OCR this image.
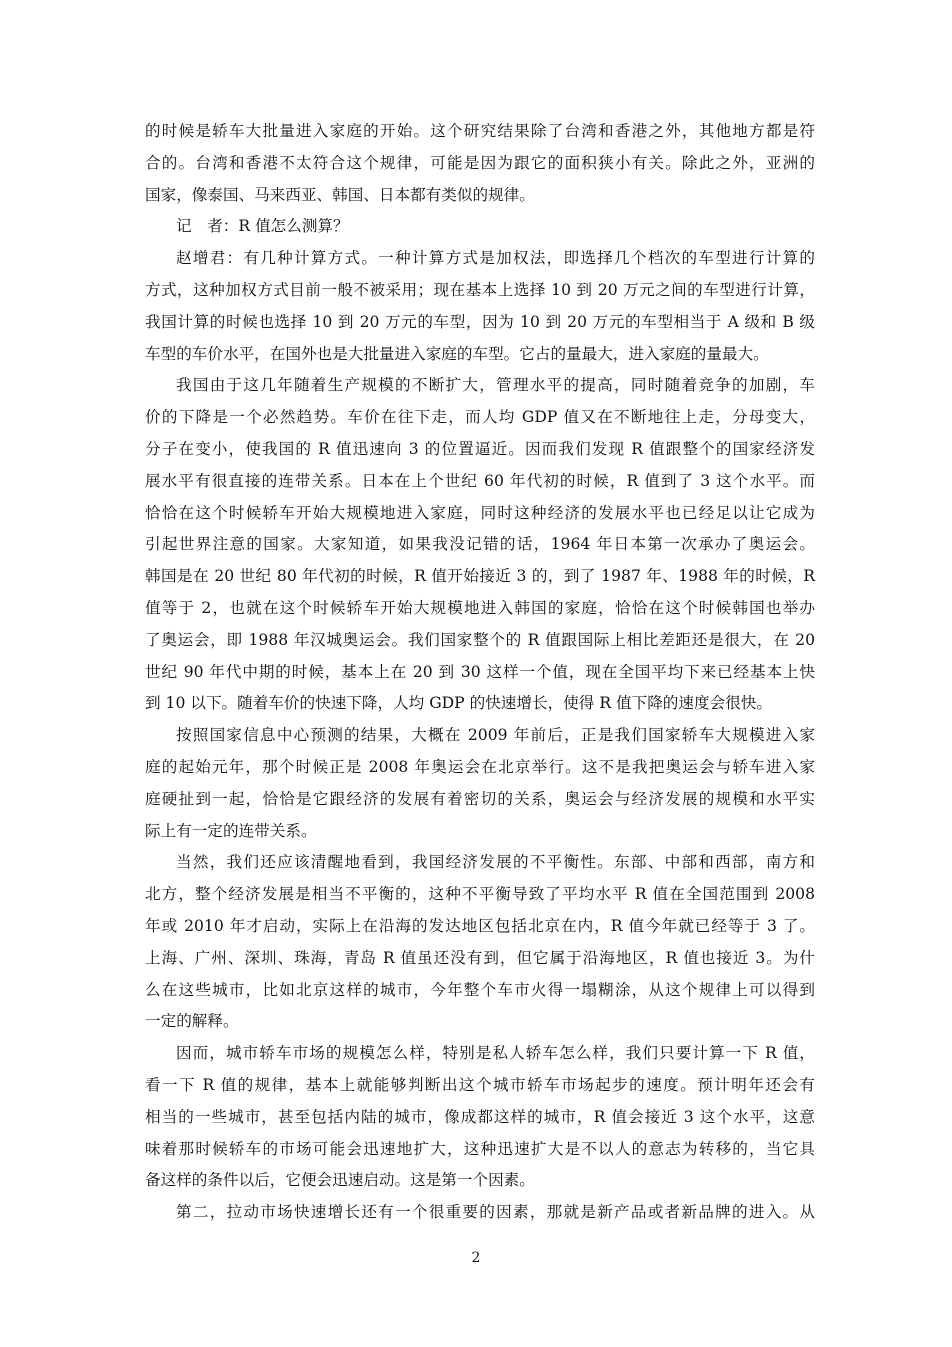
的时候是轿车大批量进入家庭的开始。这个研究结果除了台湾和香港之外，其他地方都是符
合的。台湾和香港不太符合这个规律，可能是因为跟它的面积狭小有关。除此之外，亚洲的
国家，像泰国、马来西亚、韩国、日本都有类似的规律。
记　者：R 值怎么测算？
赵增君：有几种计算方式。一种计算方式是加权法，即选择几个档次的车型进行计算的
方式，这种加权方式目前一般不被采用；现在基本上选择 10 到 20 万元之间的车型进行计算，
我国计算的时候也选择 10 到 20 万元的车型，因为 10 到 20 万元的车型相当于 A 级和 B 级
车型的车价水平，在国外也是大批量进入家庭的车型。它占的量最大，进入家庭的量最大。
我国由于这几年随着生产规模的不断扩大，管理水平的提高，同时随着竞争的加剧，车
价的下降是一个必然趋势。车价在往下走，而人均 GDP 值又在不断地往上走，分母变大，
分子在变小，使我国的 R 值迅速向 3 的位置逼近。因而我们发现 R 值跟整个的国家经济发
展水平有很直接的连带关系。日本在上个世纪 60 年代初的时候，R 值到了 3 这个水平。而
恰恰在这个时候轿车开始大规模地进入家庭，同时这种经济的发展水平也已经足以让它成为
引起世界注意的国家。大家知道，如果我没记错的话，1964 年日本第一次承办了奥运会。
韩国是在 20 世纪 80 年代初的时候，R 值开始接近 3 的，到了 1987 年、1988 年的时候，R
值等于 2，也就在这个时候轿车开始大规模地进入韩国的家庭，恰恰在这个时候韩国也举办
了奥运会，即 1988 年汉城奥运会。我们国家整个的 R 值跟国际上相比差距还是很大，在 20
世纪 90 年代中期的时候，基本上在 20 到 30 这样一个值，现在全国平均下来已经基本上快
到 10 以下。随着车价的快速下降，人均 GDP 的快速增长，使得 R 值下降的速度会很快。
按照国家信息中心预测的结果，大概在 2009 年前后，正是我们国家轿车大规模进入家
庭的起始元年，那个时候正是 2008 年奥运会在北京举行。这不是我把奥运会与轿车进入家
庭硬扯到一起，恰恰是它跟经济的发展有着密切的关系，奥运会与经济发展的规模和水平实
际上有一定的连带关系。
当然，我们还应该清醒地看到，我国经济发展的不平衡性。东部、中部和西部，南方和
北方，整个经济发展是相当不平衡的，这种不平衡导致了平均水平 R 值在全国范围到 2008
年或 2010 年才启动，实际上在沿海的发达地区包括北京在内，R 值今年就已经等于 3 了。
上海、广州、深圳、珠海，青岛 R 值虽还没有到，但它属于沿海地区，R 值也接近 3。为什
么在这些城市，比如北京这样的城市，今年整个车市火得一塌糊涂，从这个规律上可以得到
一定的解释。
因而，城市轿车市场的规模怎么样，特别是私人轿车怎么样，我们只要计算一下 R 值，
看一下 R 值的规律，基本上就能够判断出这个城市轿车市场起步的速度。预计明年还会有
相当的一些城市，甚至包括内陆的城市，像成都这样的城市，R 值会接近 3 这个水平，这意
味着那时候轿车的市场可能会迅速地扩大，这种迅速扩大是不以人的意志为转移的，当它具
备这样的条件以后，它便会迅速启动。这是第一个因素。
第二，拉动市场快速增长还有一个很重要的因素，那就是新产品或者新品牌的进入。从
2
